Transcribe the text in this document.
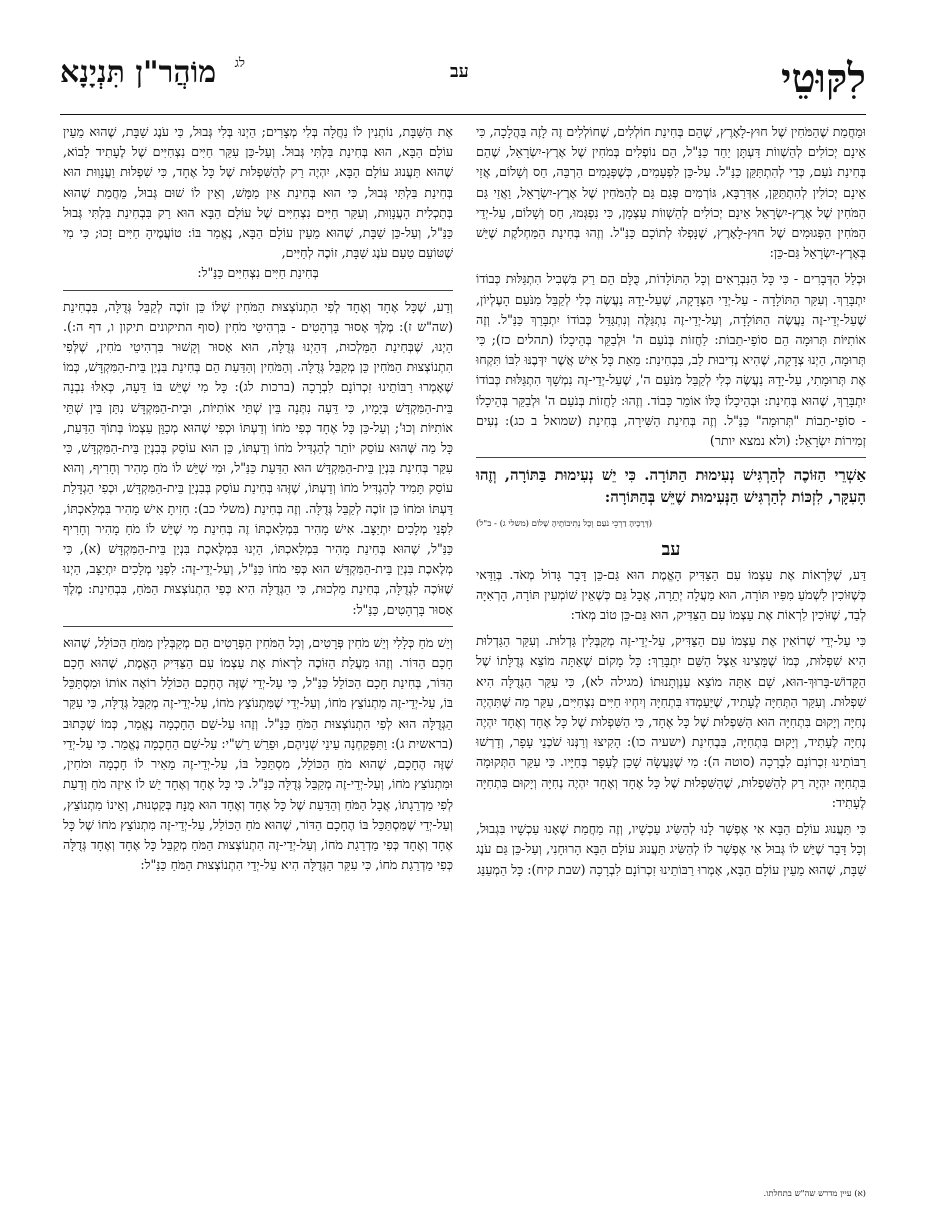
$^{לג}$ מוֹהֲר"ן תִּנְיָנָא	עב	לִקּוּטֵי

וּמֵחֲמַת שֶׁהַמֹּחִין שֶׁל חוּץ-לָאָרֶץ, שֶׁהֵם בְּחִינַת חוֹלְלִים, שֶׁחוֹלְלִים זֶה לָזֶה בַּהֲלָכָה, כִּי אֵינָם יְכוֹלִים לְהַשְׁווֹת דַּעְתָּן יַחַד כַּנַּ"ל, הֵם נוֹפְלִים בְּמֹחִין שֶׁל אֶרֶץ-יִשְׂרָאֵל, שֶׁהֵם בְּחִינַת נֹעַם, כְּדֵי לְהִתְתַּקֵּן כַּנַּ"ל. עַל-כֵּן לִפְעָמִים, כְּשֶׁפְּגָמִים הַרְבֵּה, חַס וְשָׁלוֹם, אֲזַי אֵינָם יְכוֹלִין לְהִתְתַּקֵּן, אַדְּרַבָּא, גּוֹרְמִים פְּגַם גַּם לְהַמֹּחִין שֶׁל אֶרֶץ-יִשְׂרָאֵל, וַאֲזַי גַּם הַמֹּחִין שֶׁל אֶרֶץ-יִשְׂרָאֵל אֵינָם יְכוֹלִים לְהַשְׁווֹת עַצְמָן, כִּי נִפְגְּמוּ, חַס וְשָׁלוֹם, עַל-יְדֵי הַמֹּחִין הַפְּגוּמִים שֶׁל חוּץ-לָאָרֶץ, שֶׁנָּפְלוּ לְתוֹכָם כַּנַּ"ל. וְזֶהוּ בְּחִינַת הַמַּחְלֹקֶת שֶׁיֵּשׁ בְּאֶרֶץ-יִשְׂרָאֵל גַּם-כֵּן:

וּכְלַל הַדְּבָרִים - כִּי כָּל הַנִּבְרָאִים וְכָל הַתּוֹלָדוֹת, כֻּלָּם הֵם רַק בִּשְׁבִיל הִתְגַּלּוּת כְּבוֹדוֹ יִתְבָּרַךְ. וְעִקַּר הַתּוֹלָדָה - עַל-יְדֵי הַצְּדָקָה, שֶׁעַל-יָדָהּ נַעֲשֶׂה כְּלִי לְקַבֵּל מִנֹּעַם הָעֶלְיוֹן, שֶׁעַל-יְדֵי-זֶה נַעֲשֶׂה הַתּוֹלָדָה, וְעַל-יְדֵי-זֶה נִתְגַּלֶּה וְנִתְגַּדֵּל כְּבוֹדוֹ יִתְבָּרַךְ כַּנַּ"ל. וְזֶה אוֹתִיּוֹת תְּרוּמָה הֵם סוֹפֵי-תֵבוֹת: לַחֲזוֹת בְּנֹעַם ה' וּלְבַקֵּר בְּהֵיכָלוֹ (תהלים כז); כִּי תְּרוּמָה, הַיְנוּ צְדָקָה, שֶׁהִיא נְדִיבוּת לֵב, בִּבְחִינַת: מֵאֵת כָּל אִישׁ אֲשֶׁר יִדְּבֶנּוּ לִבּוֹ תִּקְחוּ אֶת תְּרוּמָתִי, עַל-יָדָהּ נַעֲשֶׂה כְּלִי לְקַבֵּל מִנֹּעַם ה', שֶׁעַל-יְדֵי-זֶה נִמְשָׁךְ הִתְגַּלּוּת כְּבוֹדוֹ יִתְבָּרַךְ, שֶׁהוּא בְּחִינַת: וּבְהֵיכָלוֹ כֻּלּוֹ אוֹמֵר כָּבוֹד. וְזֶהוּ: לַחֲזוֹת בְּנֹעַם ה' וּלְבַקֵּר בְּהֵיכָלוֹ - סוֹפֵי-תֵבוֹת "תְּרוּמָה" כַּנַּ"ל. וְזֶה בְּחִינַת הַשִּׁירָה, בְּחִינַת (שמואל ב כג): נְעִים זְמִירוֹת יִשְׂרָאֵל: (ולא נמצא יותר)

אַשְׁרֵי הַזּוֹכֶה לְהַרְגִּישׁ נְעִימוּת הַתּוֹרָה. כִּי יֵשׁ נְעִימוּת בַּתּוֹרָה, וְזֶהוּ הָעִקָּר, לִזְכּוֹת לְהַרְגִּישׁ הַנְּעִימוּת שֶׁיֵּשׁ בְּהַתּוֹרָה:

(דְּרָכֶיהָ דַרְכֵי נֹעַם וְכָל נְתִיבוֹתֶיהָ שָׁלוֹם (משלי ג) - ב"ל)

עב

דַּע, שֶׁלִּרְאוֹת אֶת עַצְמוֹ עִם הַצַּדִּיק הָאֱמֶת הוּא גַּם-כֵּן דָּבָר גָּדוֹל מְאֹד. בְּוַדַּאי כְּשֶׁזּוֹכִין לִשְׁמֹעַ מִפִּיו תּוֹרָה, הוּא מַעֲלָה יְתֵרָה, אֲבָל גַּם כְּשֶׁאֵין שׁוֹמְעִין תּוֹרָה, הָרְאִיָּה לְבַד, שֶׁזּוֹכִין לִרְאוֹת אֶת עַצְמוֹ עִם הַצַּדִּיק, הוּא גַּם-כֵּן טוֹב מְאֹד:

כִּי עַל-יְדֵי שֶׁרוֹאִין אֶת עַצְמוֹ עִם הַצַּדִּיק, עַל-יְדֵי-זֶה מְקַבְּלִין גַּדְלוּת. וְעִקַּר הַגַּדְלוּת הִיא שִׁפְלוּת, כְּמוֹ שֶׁמָּצִינוּ אֵצֶל הַשֵּׁם יִתְבָּרַךְ: כָּל מָקוֹם שֶׁאַתָּה מוֹצֵא גְּדֻלָּתוֹ שֶׁל הַקָּדוֹשׁ-בָּרוּךְ-הוּא, שָׁם אַתָּה מוֹצֵא עַנְוְתָנוּתוֹ (מגילה לא), כִּי עִקַּר הַגְּדֻלָּה הִיא שִׁפְלוּת. וְעִקַּר הַתְּחִיָּה לֶעָתִיד, שֶׁיַּעַמְדוּ בִּתְחִיָּה וְיִחְיוּ חַיִּים נִצְחִיִּים, עִקַּר מַה שֶּׁתִּהְיֶה נְחִיָּה וְיָקוּם בִּתְחִיָּה הוּא הַשִּׁפְלוּת שֶׁל כָּל אֶחָד, כִּי הַשִּׁפְלוּת שֶׁל כָּל אֶחָד וְאֶחָד יִהְיֶה נְחִיָּה לֶעָתִיד, וְיָקוּם בִּתְחִיָּה, בִּבְחִינַת (ישעיה כו): הָקִיצוּ וְרַנְּנוּ שֹׁכְנֵי עָפָר, וְדָרְשׁוּ רַבּוֹתֵינוּ זִכְרוֹנָם לִבְרָכָה (סוטה ה): מִי שֶׁנַּעֲשָׂה שָׁכֵן לֶעָפָר בְּחַיָּיו. כִּי עִקַּר הַתְּקוּמָה בִּתְחִיָּה יִהְיֶה רַק לְהַשִּׁפְלוּת, שֶׁהַשִּׁפְלוּת שֶׁל כָּל אֶחָד וְאֶחָד יִהְיֶה נְחִיָּה וְיָקוּם בִּתְחִיָּה לֶעָתִיד:

כִּי תַּעֲנוּג עוֹלָם הַבָּא אִי אֶפְשָׁר לָנוּ לְהַשִּׂיג עַכְשָׁיו, וְזֶה מֵחֲמַת שֶׁאָנוּ עַכְשָׁיו בִּגְבוּל, וְכָל דָּבָר שֶׁיֵּשׁ לוֹ גְּבוּל אִי אֶפְשָׁר לוֹ לְהַשִּׂיג תַּעֲנוּג עוֹלָם הַבָּא הָרוּחָנִי, וְעַל-כֵּן גַּם עֹנֶג שַׁבָּת, שֶׁהוּא מֵעֵין עוֹלָם הַבָּא, אָמְרוּ רַבּוֹתֵינוּ זִכְרוֹנָם לִבְרָכָה (שבת קיח): כָּל הַמְעַנֵּג

אֶת הַשַּׁבָּת, נוֹתְנִין לוֹ נַחֲלָה בְּלִי מְצָרִים; הַיְנוּ בְּלִי גְּבוּל, כִּי עֹנֶג שַׁבָּת, שֶׁהוּא מֵעֵין עוֹלָם הַבָּא, הוּא בְּחִינַת בִּלְתִּי גְּבוּל. וְעַל-כֵּן עִקַּר חַיִּים נִצְחִיִּים שֶׁל לֶעָתִיד לָבוֹא, שֶׁהוּא תַּעֲנוּג עוֹלָם הַבָּא, יִהְיֶה רַק לְהַשִּׁפְלוּת שֶׁל כָּל אֶחָד, כִּי שִׁפְלוּת וַעֲנָוִוּת הוּא בְּחִינַת בִּלְתִּי גְּבוּל, כִּי הוּא בְּחִינַת אַיִן מַמָּשׁ, וְאֵין לוֹ שׁוּם גְּבוּל, מֵחֲמַת שֶׁהוּא בְּתַכְלִית הָעֲנָוִוּת, וְעִקַּר חַיִּים נִצְחִיִּים שֶׁל עוֹלָם הַבָּא הוּא רַק בִּבְחִינַת בִּלְתִּי גְּבוּל כַּנַּ"ל, וְעַל-כֵּן שַׁבָּת, שֶׁהוּא מֵעֵין עוֹלָם הַבָּא, נֶאֱמַר בּוֹ: טוֹעֲמֶיהָ חַיִּים זָכוּ; כִּי מִי שֶׁטּוֹעֵם טַעַם עֹנֶג שַׁבָּת, זוֹכֶה לְחַיִּים,

בְּחִינַת חַיִּים נִצְחִיִּים כַּנַּ"ל:

וְדַע, שֶׁכָּל אֶחָד וְאֶחָד לְפִי הִתְנוֹצְצוּת הַמֹּחִין שֶׁלּוֹ כֵּן זוֹכֶה לְקַבֵּל גְּדֻלָּה, בִּבְחִינַת (שה"ש ז): מֶלֶךְ אָסוּר בָּרְהָטִים - בִּרְהִיטֵי מֹחִין (סוף התיקונים תיקון ו, דף ה:). הַיְנוּ, שֶׁבְּחִינַת הַמַּלְכוּת, דְּהַיְנוּ גְּדֻלָּה, הוּא אָסוּר וְקָשׁוּר בִּרְהִיטֵי מֹחִין, שֶׁלְּפִי הִתְנוֹצְצוּת הַמֹּחִין כֵּן מְקַבֵּל גְּדֻלָּה. וְהַמֹּחִין וְהַדַּעַת הֵם בְּחִינַת בִּנְיַן בֵּית-הַמִּקְדָּשׁ, כְּמוֹ שֶׁאָמְרוּ רַבּוֹתֵינוּ זִכְרוֹנָם לִבְרָכָה (ברכות לג): כָּל מִי שֶׁיֵּשׁ בּוֹ דֵּעָה, כְּאִלּוּ נִבְנָה בֵּית-הַמִּקְדָּשׁ בְּיָמָיו, כִּי דֵּעָה נִתְּנָה בֵּין שְׁתֵּי אוֹתִיּוֹת, וּבֵית-הַמִּקְדָּשׁ נִתַּן בֵּין שְׁתֵּי אוֹתִיּוֹת וְכוּ'; וְעַל-כֵּן כָּל אֶחָד כְּפִי מֹחוֹ וְדַעְתּוֹ וּכְפִי שֶׁהוּא מְכַוֵּן עַצְמוֹ בְּתוֹךְ הַדַּעַת, כָּל מַה שֶּׁהוּא עוֹסֵק יוֹתֵר לְהַגְדִּיל מֹחוֹ וְדַעְתּוֹ, כֵּן הוּא עוֹסֵק בְּבִנְיַן בֵּית-הַמִּקְדָּשׁ, כִּי עִקַּר בְּחִינַת בִּנְיַן בֵּית-הַמִּקְדָּשׁ הוּא הַדַּעַת כַּנַּ"ל, וּמִי שֶׁיֵּשׁ לוֹ מֹחַ מָהִיר וְחָרִיף, וְהוּא עוֹסֵק תָּמִיד לְהַגְדִּיל מֹחוֹ וְדַעְתּוֹ, שֶׁזֶּהוּ בְּחִינַת עוֹסֵק בְּבִנְיַן בֵּית-הַמִּקְדָּשׁ, וּכְפִי הַגְדָּלַת דַּעְתּוֹ וּמֹחוֹ כֵּן זוֹכֶה לְקַבֵּל גְּדֻלָּה. וְזֶה בְּחִינַת (משלי כב): חָזִיתָ אִישׁ מָהִיר בִּמְלַאכְתּוֹ, לִפְנֵי מְלָכִים יִתְיַצָּב. אִישׁ מָהִיר בִּמְלַאכְתּוֹ זֶה בְּחִינַת מִי שֶׁיֵּשׁ לוֹ מֹחַ מָהִיר וְחָרִיף כַּנַּ"ל, שֶׁהוּא בְּחִינַת מָהִיר בִּמְלַאכְתּוֹ, הַיְנוּ בִּמְלֶאכֶת בִּנְיַן בֵּית-הַמִּקְדָּשׁ (א), כִּי מְלֶאכֶת בִּנְיַן בֵּית-הַמִּקְדָּשׁ הוּא כְּפִי מֹחוֹ כַּנַּ"ל, וְעַל-יְדֵי-זֶה: לִפְנֵי מְלָכִים יִתְיַצָּב, הַיְנוּ שֶׁזּוֹכֶה לִגְדֻלָּה, בְּחִינַת מַלְכוּת, כִּי הַגְּדֻלָּה הִיא כְּפִי הִתְנוֹצְצוּת הַמֹּחַ, בִּבְחִינַת: מֶלֶךְ אָסוּר בָּרְהָטִים, כַּנַּ"ל:

וְיֵשׁ מֹחַ כְּלָלִי וְיֵשׁ מֹחִין פְּרָטִים, וְכָל הַמֹּחִין הַפְּרָטִים הֵם מְקַבְּלִין מִמֹּחַ הַכּוֹלֵל, שֶׁהוּא חָכָם הַדּוֹר. וְזֶהוּ מַעֲלַת הַזּוֹכֶה לִרְאוֹת אֶת עַצְמוֹ עִם הַצַּדִּיק הָאֱמֶת, שֶׁהוּא חָכָם הַדּוֹר, בְּחִינַת חָכָם הַכּוֹלֵל כַּנַּ"ל, כִּי עַל-יְדֵי שֶׁזֶּה הֶחָכָם הַכּוֹלֵל רוֹאֶה אוֹתוֹ וּמִסְתַּכֵּל בּוֹ, עַל-יְדֵי-זֶה מִתְנוֹצֵץ מֹחוֹ, וְעַל-יְדֵי שֶׁמִּתְנוֹצֵץ מֹחוֹ, עַל-יְדֵי-זֶה מְקַבֵּל גְּדֻלָּה, כִּי עִקַּר הַגְּדֻלָּה הוּא לְפִי הִתְנוֹצְצוּת הַמֹּחַ כַּנַּ"ל. וְזֶהוּ עַל-שֵׁם הַחָכְמָה נֶאֱמַר, כְּמוֹ שֶׁכָּתוּב (בראשית ג): וַתִּפָּקַחְנָה עֵינֵי שְׁנֵיהֶם, וּפֵרֵשׁ רַשִׁ"י: עַל-שֵׁם הַחָכְמָה נֶאֱמַר. כִּי עַל-יְדֵי שֶׁזֶּה הֶחָכָם, שֶׁהוּא מֹחַ הַכּוֹלֵל, מִסְתַּכֵּל בּוֹ, עַל-יְדֵי-זֶה מֵאִיר לוֹ חָכְמָה וּמֹחִין, וּמִתְנוֹצֵץ מֹחוֹ, וְעַל-יְדֵי-זֶה מְקַבֵּל גְּדֻלָּה כַּנַּ"ל. כִּי כָּל אֶחָד וְאֶחָד יֵשׁ לוֹ אֵיזֶה מֹחַ וְדַעַת לְפִי מַדְרֵגָתוֹ, אֲבָל הַמֹּחַ וְהַדַּעַת שֶׁל כָּל אֶחָד וְאֶחָד הוּא מֻנָּח בְּקַטְנוּת, וְאֵינוֹ מִתְנוֹצֵץ, וְעַל-יְדֵי שֶׁמִּסְתַּכֵּל בּוֹ הֶחָכָם הַדּוֹר, שֶׁהוּא מֹחַ הַכּוֹלֵל, עַל-יְדֵי-זֶה מִתְנוֹצֵץ מֹחוֹ שֶׁל כָּל אֶחָד וְאֶחָד כְּפִי מַדְרֵגַת מֹחוֹ, וְעַל-יְדֵי-זֶה הִתְנוֹצְצוּת הַמֹּחַ מְקַבֵּל כָּל אֶחָד וְאֶחָד גְּדֻלָּה כְּפִי מַדְרֵגַת מֹחוֹ, כִּי עִקַּר הַגְּדֻלָּה הִיא עַל-יְדֵי הִתְנוֹצְצוּת הַמֹּחַ כַּנַּ"ל:

(א) עיין מדרש שה"ש בתחלתו.
